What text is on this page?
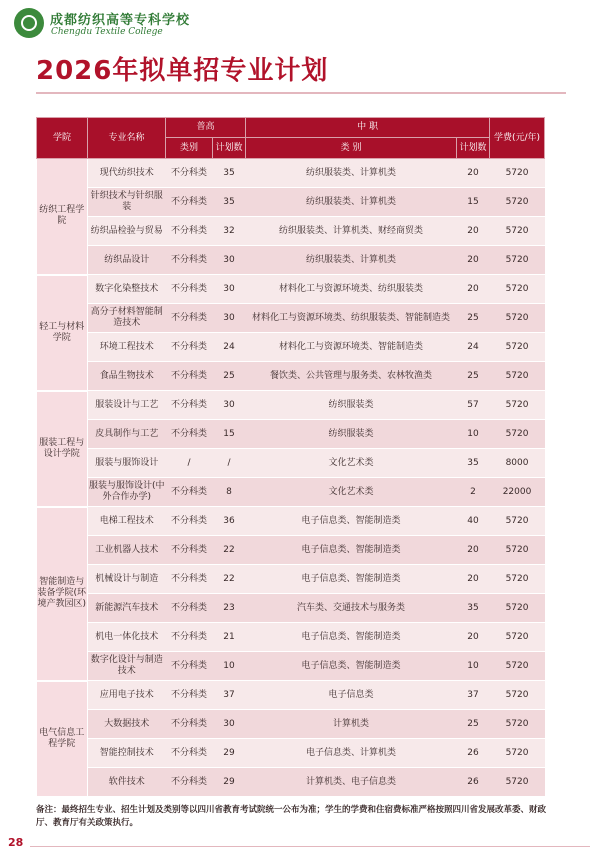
成都纺织高等专科学校
Chengdu Textile College
2026年拟单招专业计划
学院	专业名称	普高		中 职		学费(元/年)
		类别	计划数	类 别	计划数	
纺织工程学院	现代纺织技术	不分科类	35	纺织服装类、计算机类	20	5720
	针织技术与针织服装	不分科类	35	纺织服装类、计算机类	15	5720
	纺织品检验与贸易	不分科类	32	纺织服装类、计算机类、财经商贸类	20	5720
	纺织品设计	不分科类	30	纺织服装类、计算机类	20	5720
轻工与材料学院	数字化染整技术	不分科类	30	材料化工与资源环境类、纺织服装类	20	5720
	高分子材料智能制造技术	不分科类	30	材料化工与资源环境类、纺织服装类、智能制造类	25	5720
	环境工程技术	不分科类	24	材料化工与资源环境类、智能制造类	24	5720
	食品生物技术	不分科类	25	餐饮类、公共管理与服务类、农林牧渔类	25	5720
服装工程与设计学院	服装设计与工艺	不分科类	30	纺织服装类	57	5720
	皮具制作与工艺	不分科类	15	纺织服装类	10	5720
	服装与服饰设计	/	/	文化艺术类	35	8000
	服装与服饰设计(中外合作办学)	不分科类	8	文化艺术类	2	22000
智能制造与装备学院(环境产教园区)	电梯工程技术	不分科类	36	电子信息类、智能制造类	40	5720
	工业机器人技术	不分科类	22	电子信息类、智能制造类	20	5720
	机械设计与制造	不分科类	22	电子信息类、智能制造类	20	5720
	新能源汽车技术	不分科类	23	汽车类、交通技术与服务类	35	5720
	机电一体化技术	不分科类	21	电子信息类、智能制造类	20	5720
	数字化设计与制造技术	不分科类	10	电子信息类、智能制造类	10	5720
电气信息工程学院	应用电子技术	不分科类	37	电子信息类	37	5720
	大数据技术	不分科类	30	计算机类	25	5720
	智能控制技术	不分科类	29	电子信息类、计算机类	26	5720
	软件技术	不分科类	29	计算机类、电子信息类	26	5720
备注：最终招生专业、招生计划及类别等以四川省教育考试院统一公布为准；学生的学费和住宿费标准严格按照四川省发展改革委、财政厅、教育厅有关政策执行。
28
